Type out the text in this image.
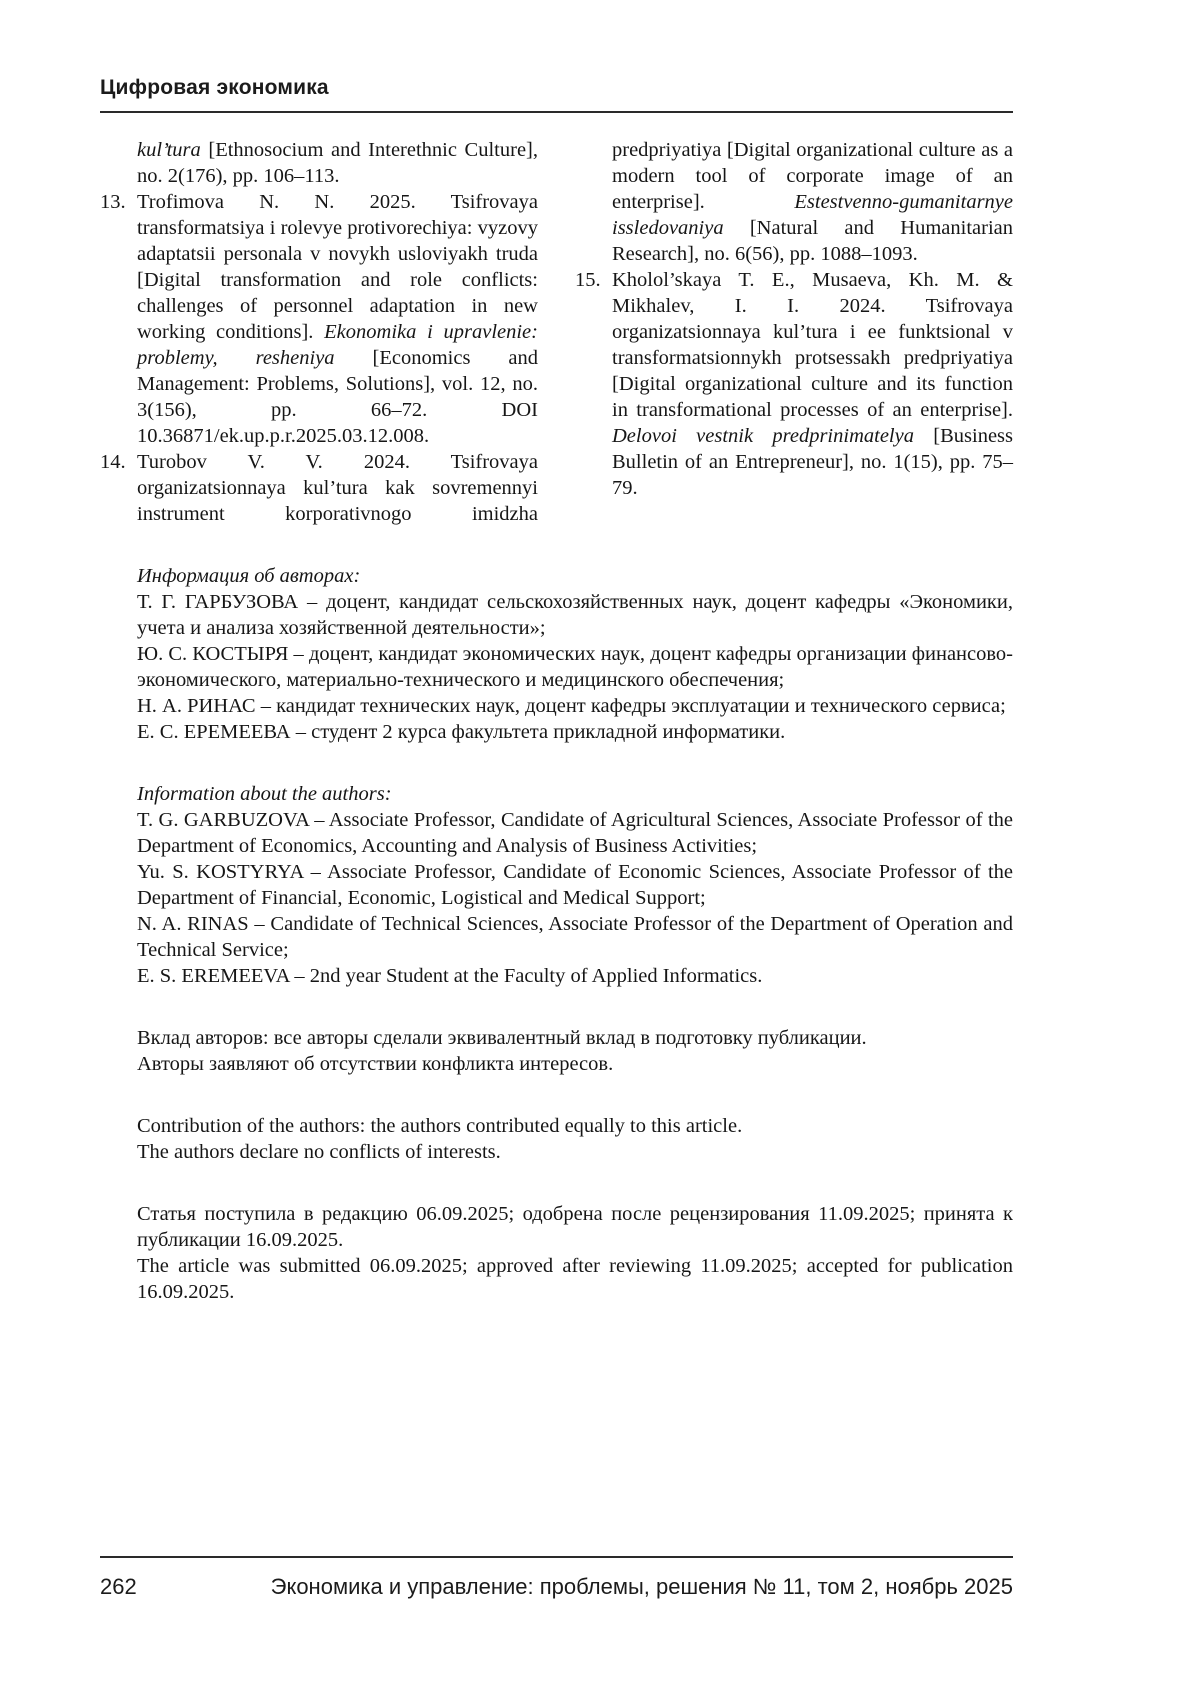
Цифровая экономика

kul’tura [Ethnosocium and Interethnic Culture], no. 2(176), pp. 106–113.

13. Trofimova N. N. 2025. Tsifrovaya transformatsiya i rolevye protivorechiya: vyzovy adaptatsii personala v novykh usloviyakh truda [Digital transformation and role conflicts: challenges of personnel adaptation in new working conditions]. Ekonomika i upravlenie: problemy, resheniya [Economics and Management: Problems, Solutions], vol. 12, no. 3(156), pp. 66–72. DOI 10.36871/ek.up.p.r.2025.03.12.008.
14. Turobov V. V. 2024. Tsifrovaya organizatsionnaya kul’tura kak sovremennyi instrument korporativnogo imidzha predpriyatiya [Digital organizational culture as a modern tool of corporate image of an enterprise]. Estestvenno-gumanitarnye issledovaniya [Natural and Humanitarian Research], no. 6(56), pp. 1088–1093.
15. Kholol’skaya T. E., Musaeva, Kh. M. & Mikhalev, I. I. 2024. Tsifrovaya organizatsionnaya kul’tura i ee funktsional v transformatsionnykh protsessakh predpriyatiya [Digital organizational culture and its function in transformational processes of an enterprise]. Delovoi vestnik predprinimatelya [Business Bulletin of an Entrepreneur], no. 1(15), pp. 75–79.

Информация об авторах:

Т. Г. ГАРБУЗОВА – доцент, кандидат сельскохозяйственных наук, доцент кафедры «Экономики, учета и анализа хозяйственной деятельности»;

Ю. С. КОСТЫРЯ – доцент, кандидат экономических наук, доцент кафедры организации финансово-экономического, материально-технического и медицинского обеспечения;

Н. А. РИНАС – кандидат технических наук, доцент кафедры эксплуатации и технического сервиса;

Е. С. ЕРЕМЕЕВА – студент 2 курса факультета прикладной информатики.

Information about the authors:

T. G. GARBUZOVA – Associate Professor, Candidate of Agricultural Sciences, Associate Professor of the Department of Economics, Accounting and Analysis of Business Activities;

Yu. S. KOSTYRYA – Associate Professor, Candidate of Economic Sciences, Associate Professor of the Department of Financial, Economic, Logistical and Medical Support;

N. A. RINAS – Candidate of Technical Sciences, Associate Professor of the Department of Operation and Technical Service;

E. S. EREMEEVA – 2nd year Student at the Faculty of Applied Informatics.

Вклад авторов: все авторы сделали эквивалентный вклад в подготовку публикации.

Авторы заявляют об отсутствии конфликта интересов.

Contribution of the authors: the authors contributed equally to this article.

The authors declare no conflicts of interests.

Статья поступила в редакцию 06.09.2025; одобрена после рецензирования 11.09.2025; принята к публикации 16.09.2025.

The article was submitted 06.09.2025; approved after reviewing 11.09.2025; accepted for publication 16.09.2025.

262	Экономика и управление: проблемы, решения № 11, том 2, ноябрь 2025
